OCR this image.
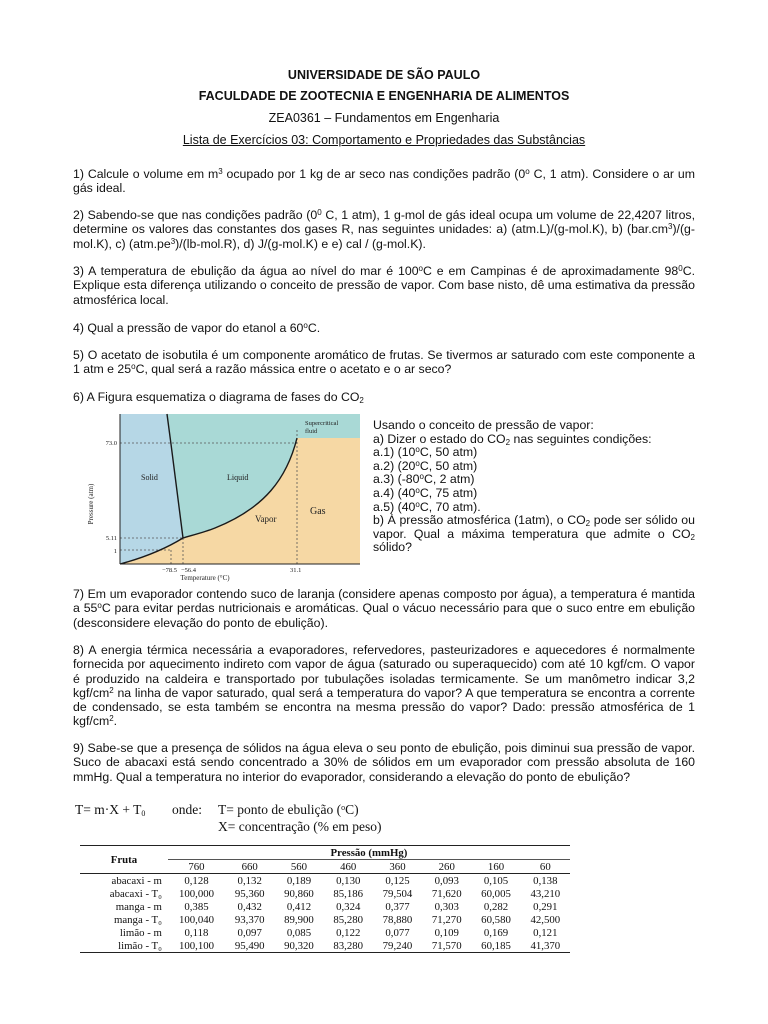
UNIVERSIDADE DE SÃO PAULO
FACULDADE DE ZOOTECNIA E ENGENHARIA DE ALIMENTOS
ZEA0361 – Fundamentos em Engenharia
Lista de Exercícios 03: Comportamento e Propriedades das Substâncias

1) Calcule o volume em $m^3$ ocupado por 1 kg de ar seco nas condições padrão (0$^o$ C, 1 atm). Considere o ar um gás ideal.

2) Sabendo-se que nas condições padrão ($0^0$ C, 1 atm), 1 g-mol de gás ideal ocupa um volume de 22,4207 litros, determine os valores das constantes dos gases R, nas seguintes unidades: a) (atm.L)/(g-mol.K), b) $(bar.cm^3)/(g-mol.K)$, c) $(atm.pe^3)/(lb-mol.R)$, d) J/(g-mol.K) e e) cal / (g-mol.K).

3) A temperatura de ebulição da água ao nível do mar é 100$^o$C e em Campinas é de aproximadamente $98^0C$. Explique esta diferença utilizando o conceito de pressão de vapor. Com base nisto, dê uma estimativa da pressão atmosférica local.

4) Qual a pressão de vapor do etanol a 60$^o$C.

5) O acetato de isobutila é um componente aromático de frutas. Se tivermos ar saturado com este componente a 1 atm e 25$^o$C, qual será a razão mássica entre o acetato e o ar seco?

6) A Figura esquematiza o diagrama de fases do $CO_2$

Solid	Liquid
Vapor
Gas
Supercritical
fluid
73.0
5.11
1
−78.5 −56.4	31.1
Temperature (°C)
Pressure (atm)
Usando o conceito de pressão de vapor:
a) Dizer o estado do $CO_2$ nas seguintes condições:
a.1) (10$^o$C, 50 atm)
a.2) (20$^o$C, 50 atm)
a.3) (-80$^o$C, 2 atm)
a.4) (40$^o$C, 75 atm)
a.5) (40$^o$C, 70 atm).
b) À pressão atmosférica (1atm), o $CO_2$ pode ser sólido ou vapor. Qual a máxima temperatura que admite o $CO_2$ sólido?

7) Em um evaporador contendo suco de laranja (considere apenas composto por água), a temperatura é mantida a 55$^o$C para evitar perdas nutricionais e aromáticas. Qual o vácuo necessário para que o suco entre em ebulição (desconsidere elevação do ponto de ebulição).

8) A energia térmica necessária a evaporadores, refervedores, pasteurizadores e aquecedores é normalmente fornecida por aquecimento indireto com vapor de água (saturado ou superaquecido) com até 10 kgf/cm. O vapor é produzido na caldeira e transportado por tubulações isoladas termicamente. Se um manômetro indicar 3,2 kgf/$cm^2$ na linha de vapor saturado, qual será a temperatura do vapor? A que temperatura se encontra a corrente de condensado, se esta também se encontra na mesma pressão do vapor? Dado: pressão atmosférica de 1 kgf/$cm^2$.

9) Sabe-se que a presença de sólidos na água eleva o seu ponto de ebulição, pois diminui sua pressão de vapor. Suco de abacaxi está sendo concentrado a 30% de sólidos em um evaporador com pressão absoluta de 160 mmHg. Qual a temperatura no interior do evaporador, considerando a elevação do ponto de ebulição?

$T= m\cdot X + T_0$ onde: T= ponto de ebulição ($^o$C)
X= concentração (% em peso)
Fruta	Pressão (mmHg)							
	760	660	560	460	360	260	160	60
abacaxi - m	0,128	0,132	0,189	0,130	0,125	0,093	0,105	0,138
abacaxi - T₀	100,000	95,360	90,860	85,186	79,504	71,620	60,005	43,210
manga - m	0,385	0,432	0,412	0,324	0,377	0,303	0,282	0,291
manga - T₀	100,040	93,370	89,900	85,280	78,880	71,270	60,580	42,500
limão - m	0,118	0,097	0,085	0,122	0,077	0,109	0,169	0,121
limão - T₀	100,100	95,490	90,320	83,280	79,240	71,570	60,185	41,370
